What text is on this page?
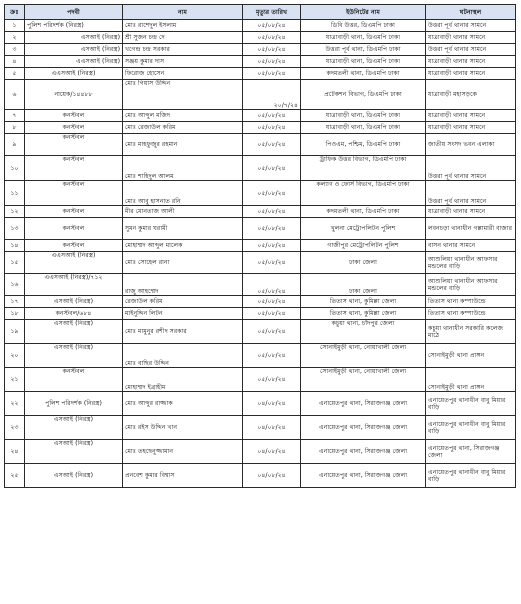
ক্রঃ	পদবী	নাম	মৃত্যুর তারিখ	ইউনিটের নাম	ঘটনাস্থল
১	পুলিশ পরিদর্শক (নিরস্ত্র)	মোঃ রাশেদুল ইসলাম	০৫/০৮/২৪	ডিবি উত্তর, ডিএমপি ঢাকা	উত্তরা পূর্ব থানার সামনে
২	এসআই (নিরস্ত্র)	শ্রী সুজন চন্দ্র দে	০৫/০৮/২৪	যাত্রাবাড়ী থানা, ডিএমপি ঢাকা	যাত্রাবাড়ী থানার সামনে
৩	এসআই (নিরস্ত্র)	খগেন্দ্র চন্দ্র সরকার	০৫/০৮/২৪	উত্তরা পূর্ব থানা, ডিএমপি ঢাকা	উত্তরা পূর্ব থানার সামনে
৪	এএসআই (নিরস্ত্র)	সঞ্জয় কুমার দাস	০৫/০৮/২৪	যাত্রাবাড়ী থানা, ডিএমপি ঢাকা	যাত্রাবাড়ী থানার সামনে
৫	এএসআই (নিরস্ত্র)	ফিরোজ হোসেন	০৫/০৮/২৪	কদমতলী থানা, ডিএমপি ঢাকা	যাত্রাবাড়ী থানার সামনে
৬	নায়েক/১৪৪৮৮	মোঃ গিয়াস উদ্দিন	২০/৭/২৪	প্রটেকশন বিভাগ, ডিএমপি ঢাকা	যাত্রাবাড়ী মহাসড়কে
৭	কনস্টবল	মোঃ আব্দুল মজিদ	০৫/০৮/২৪	যাত্রাবাড়ী থানা, ডিএমপি ঢাকা	যাত্রাবাড়ী থানার সামনে
৮	কনস্টবল	মোঃ রেজাউল করিম	০৫/০৮/২৪	যাত্রাবাড়ী থানা, ডিএমপি ঢাকা	যাত্রাবাড়ী থানার সামনে
৯	কনস্টবল	মোঃ মাহফুজুর রহমান	০৫/০৮/২৪	পিওএম, পশ্চিম, ডিএমপি ঢাকা	জাতীয় সংসদ ভবন এলাকা
১০	কনস্টবল	মোঃ শাহিদুল আলম	০৫/০৮/২৪	ট্রাফিক উত্তর বিভাগ, ডিএমপি ঢাকা	উত্তরা পূর্ব থানার সামনে
১১	কনস্টবল	মোঃ আবু হাসনাত রনি	০৫/০৮/২৪	কল্যাণ ও ফোর্স বিভাগ, ডিএমপি ঢাকা	উত্তরা পূর্ব থানার সামনে
১২	কনস্টবল	মীর মোনতাজ আলী	০৫/০৮/২৪	কদমতলী থানা, ডিএমপি ঢাকা	যাত্রাবাড়ী থানার সামনে
১৩	কনস্টবল	সুমন কুমার ঘরামী	০৫/০৮/২৪	খুলনা মেট্রোপলিটন পুলিশ	লবনচড়া থানাধীন গল্লামারী বাজার
১৪	কনস্টবল	মোহাম্মদ আব্দুল মালেক	০৫/০৮/২৪	গাজীপুর মেট্রোপলিটন পুলিশ	বাসন থানার সামনে
১৫	এএসআই (নিরস্ত্র)	মোঃ সোহেল রানা	০৫/০৮/২৪	ঢাকা জেলা	আশুলিয়া থানাধীন আফসার মন্ডলের বাড়ি
১৬	এএসআই (নিরস্ত্র)/৭১২	রাজু আহম্মেদ	০৫/০৮/২৪	ঢাকা জেলা	আশুলিয়া থানাধীন আফসার মন্ডলের বাড়ি
১৭	এসআই (নিরস্ত্র)	রেজাউল করিম	০৫/০৮/২৪	তিতাস থানা, কুমিল্লা জেলা	তিতাস থানা কম্পাউন্ডে
১৮	কনস্টবল/৬৮৪	মাইনুদ্দিন লিটন	০৫/০৮/২৪	তিতাস থানা, কুমিল্লা জেলা	তিতাস থানা কম্পাউন্ডে
১৯	এসআই (নিরস্ত্র)	মোঃ মামুনুর রশীদ সরকার	০৫/০৮/২৪	কচুয়া থানা, চাঁদপুর জেলা	কচুয়া থানাধীন সরকারি কলেজ মাঠে
২০	এসআই (নিরস্ত্র)	মোঃ বাছির উদ্দিন	০৫/০৮/২৪	সোনাইমুড়ী থানা, নোয়াখালী জেলা	সোনাইমুড়ী থানা প্রাঙ্গন
২১	কনস্টবল	মোহাম্মদ ইব্রাহীম	০৫/০৮/২৪	সোনাইমুড়ী থানা, নোয়াখালী জেলা	সোনাইমুড়ী থানা প্রাঙ্গন
২২	পুলিশ পরিদর্শক (নিরস্ত্র)	মোঃ আব্দুর রাজ্জাক	০৪/০৮/২৪	এনায়েতপুর থানা, সিরাজগঞ্জ জেলা	এনায়েতপুর থানাধীন বাবু মিয়ার বাড়ি
২৩	এসআই (নিরস্ত্র)	মোঃ রইস উদ্দিন খান	০৪/০৮/২৪	এনায়েতপুর থানা, সিরাজগঞ্জ জেলা	এনায়েতপুর থানাধীন বাবু মিয়ার বাড়ি
২৪	এসআই (নিরস্ত্র)	মোঃ তহছেনুজ্জামান	০৪/০৮/২৪	এনায়েতপুর থানা, সিরাজগঞ্জ জেলা	এনায়েতপুর থানা, সিরাজগঞ্জ জেলা
২৫	এসআই (নিরস্ত্র)	প্রনবেশ কুমার বিশ্বাস	০৪/০৮/২৪	এনায়েতপুর থানা, সিরাজগঞ্জ জেলা	এনায়েতপুর থানাধীন বাবু মিয়ার বাড়ি
